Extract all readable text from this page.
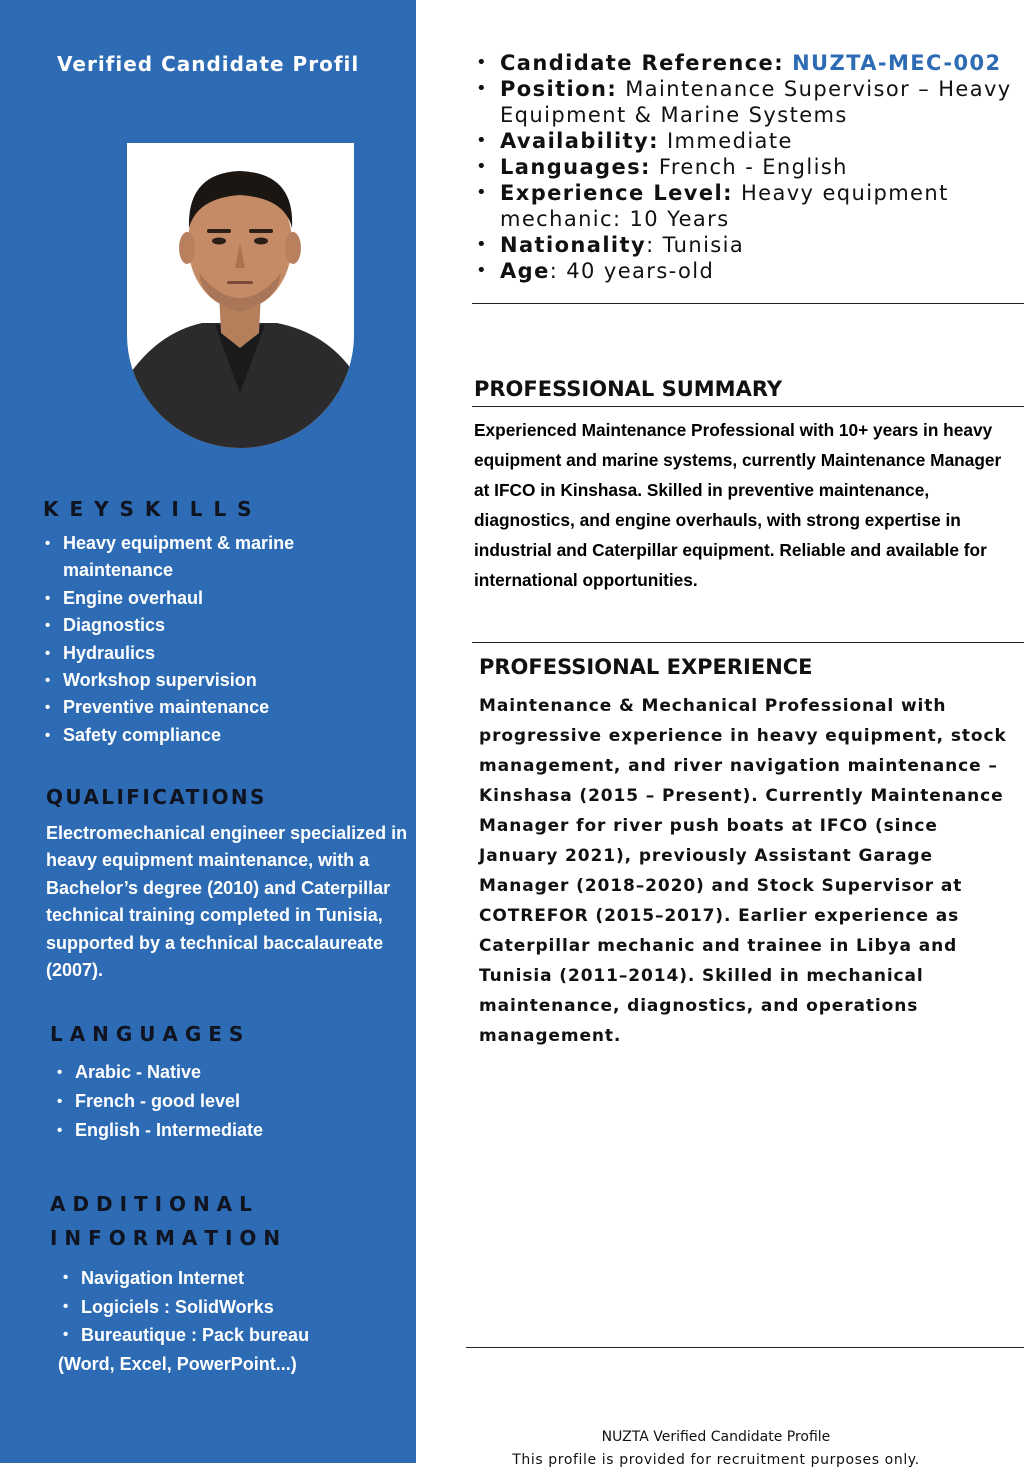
Verified Candidate Profil
K E Y S K I L L S
• Heavy equipment & marine maintenance
• Engine overhaul
• Diagnostics
• Hydraulics
• Workshop supervision
• Preventive maintenance
• Safety compliance
QUALIFICATIONS
Electromechanical engineer specialized in heavy equipment maintenance, with a Bachelor’s degree (2010) and Caterpillar technical training completed in Tunisia, supported by a technical baccalaureate (2007).
L A N G U A G E S
• Arabic - Native
• French - good level
• English - Intermediate
A D D I T I O N A L
I N F O R M A T I O N
• Navigation Internet
• Logiciels : SolidWorks
• Bureautique : Pack bureau
(Word, Excel, PowerPoint...)
• Candidate Reference: NUZTA-MEC-002
• Position: Maintenance Supervisor – Heavy Equipment & Marine Systems
• Availability: Immediate
• Languages: French - English
• Experience Level: Heavy equipment mechanic: 10 Years
• Nationality: Tunisia
• Age: 40 years-old
PROFESSIONAL SUMMARY
Experienced Maintenance Professional with 10+ years in heavy equipment and marine systems, currently Maintenance Manager at IFCO in Kinshasa. Skilled in preventive maintenance, diagnostics, and engine overhauls, with strong expertise in industrial and Caterpillar equipment. Reliable and available for international opportunities.
PROFESSIONAL EXPERIENCE
Maintenance & Mechanical Professional with progressive experience in heavy equipment, stock management, and river navigation maintenance – Kinshasa (2015 – Present). Currently Maintenance Manager for river push boats at IFCO (since January 2021), previously Assistant Garage Manager (2018–2020) and Stock Supervisor at COTREFOR (2015–2017). Earlier experience as Caterpillar mechanic and trainee in Libya and Tunisia (2011–2014). Skilled in mechanical maintenance, diagnostics, and operations management.
NUZTA Verified Candidate Profile
This profile is provided for recruitment purposes only.
